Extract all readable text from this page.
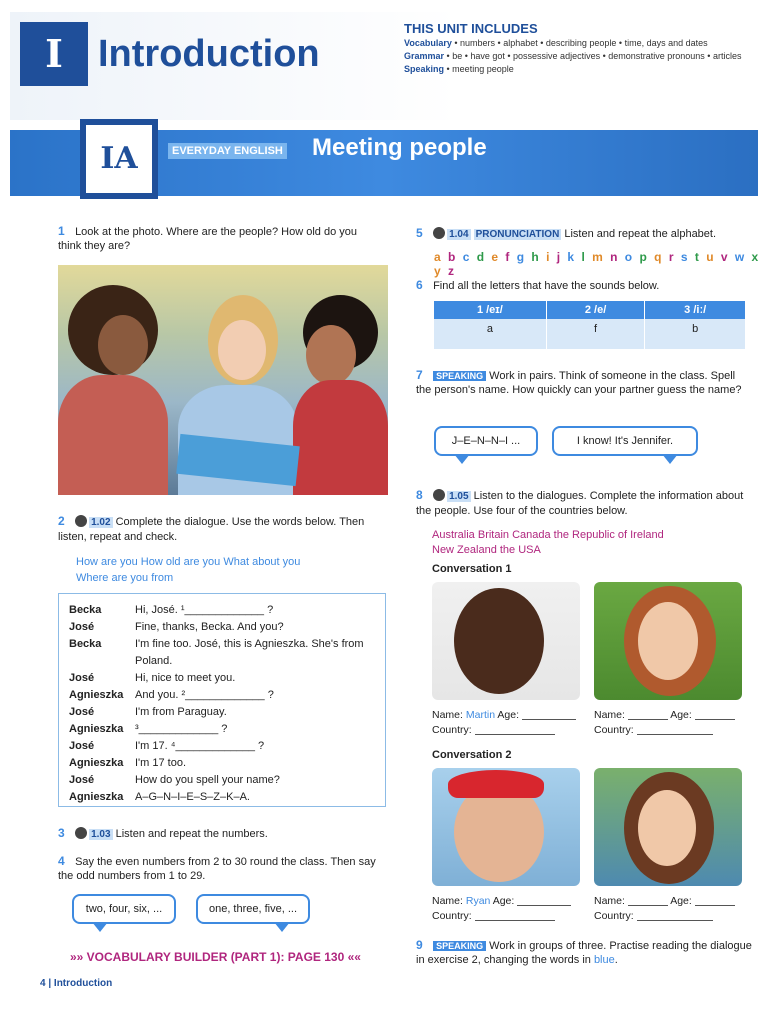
I Introduction
THIS UNIT INCLUDES
Vocabulary • numbers • alphabet • describing people • time, days and dates
Grammar • be • have got • possessive adjectives • demonstrative pronouns • articles
Speaking • meeting people
IA	EVERYDAY ENGLISH Meeting people
1 Look at the photo. Where are the people? How old do you think they are?
2	1.02 Complete the dialogue. Use the words below. Then listen, repeat and check.
How are you How old are you What about you
Where are you from
Becka	Hi, José. ¹_____________ ?
José	Fine, thanks, Becka. And you?
Becka	I'm fine too. José, this is Agnieszka. She's from Poland.
José	Hi, nice to meet you.
Agnieszka	And you. ²_____________ ?
José	I'm from Paraguay.
Agnieszka	³_____________ ?
José	I'm 17. ⁴_____________ ?
Agnieszka	I'm 17 too.
José	How do you spell your name?
Agnieszka	A–G–N–I–E–S–Z–K–A.
3	1.03 Listen and repeat the numbers.
4 Say the even numbers from 2 to 30 round the class. Then say the odd numbers from 1 to 29.
two, four, six, ...	one, three, five, ...
»» VOCABULARY BUILDER (PART 1): PAGE 130 ««
4 | Introduction
5	1.04 PRONUNCIATION Listen and repeat the alphabet.
a b c d e f g h i j k l m n o p q r s t u v w x y z
6 Find all the letters that have the sounds below.
1 /eɪ/	2 /e/	3 /iː/
a	f	b
7 SPEAKING Work in pairs. Think of someone in the class. Spell the person's name. How quickly can your partner guess the name?
J–E–N–N–I ...	I know! It's Jennifer.
8	1.05 Listen to the dialogues. Complete the information about the people. Use four of the countries below.
Australia Britain Canada the Republic of Ireland
New Zealand the USA
Conversation 1
Name: Martin Age:
Country:
Name:	Age:
Country:
Conversation 2
Name: Ryan Age:
Country:
Name:	Age:
Country:
9 SPEAKING Work in groups of three. Practise reading the dialogue in exercise 2, changing the words in blue.
